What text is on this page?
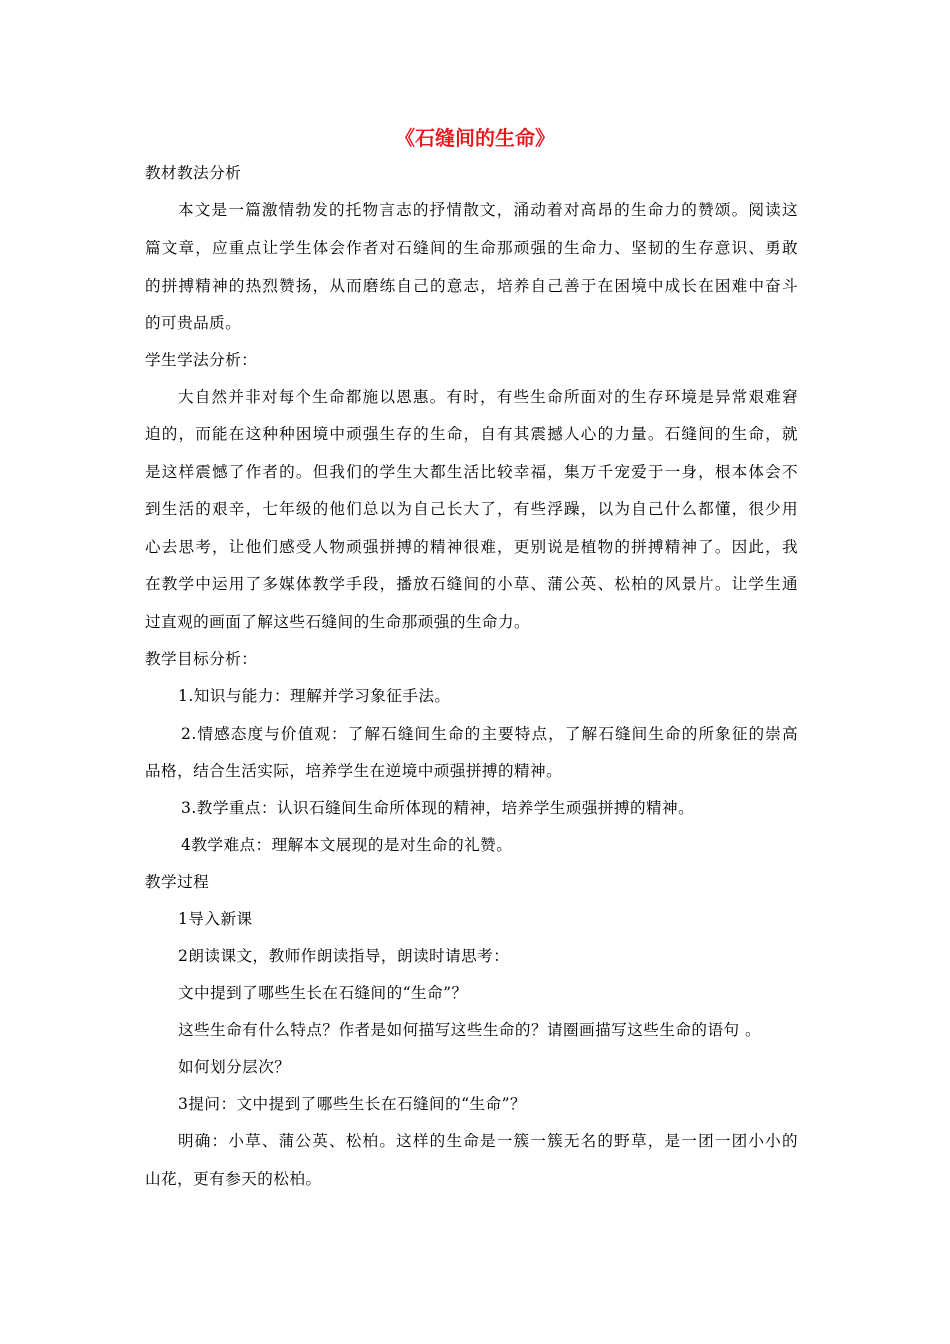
《石缝间的生命》
教材教法分析
本文是一篇激情勃发的托物言志的抒情散文，涌动着对高昂的生命力的赞颂。阅读这
篇文章，应重点让学生体会作者对石缝间的生命那顽强的生命力、坚韧的生存意识、勇敢
的拼搏精神的热烈赞扬，从而磨练自己的意志，培养自己善于在困境中成长在困难中奋斗
的可贵品质。
学生学法分析：
大自然并非对每个生命都施以恩惠。有时，有些生命所面对的生存环境是异常艰难窘
迫的，而能在这种种困境中顽强生存的生命，自有其震撼人心的力量。石缝间的生命，就
是这样震憾了作者的。但我们的学生大都生活比较幸福，集万千宠爱于一身，根本体会不
到生活的艰辛，七年级的他们总以为自己长大了，有些浮躁，以为自己什么都懂，很少用
心去思考，让他们感受人物顽强拼搏的精神很难，更别说是植物的拼搏精神了。因此，我
在教学中运用了多媒体教学手段，播放石缝间的小草、蒲公英、松柏的风景片。让学生通
过直观的画面了解这些石缝间的生命那顽强的生命力。
教学目标分析：
1.知识与能力：理解并学习象征手法。
2.情感态度与价值观：了解石缝间生命的主要特点，了解石缝间生命的所象征的崇高
品格，结合生活实际，培养学生在逆境中顽强拼搏的精神。
3.教学重点：认识石缝间生命所体现的精神，培养学生顽强拼搏的精神。
4教学难点：理解本文展现的是对生命的礼赞。
教学过程
1导入新课
2朗读课文，教师作朗读指导，朗读时请思考：
文中提到了哪些生长在石缝间的“生命”？
这些生命有什么特点？作者是如何描写这些生命的？请圈画描写这些生命的语句 。
如何划分层次？
3提问：文中提到了哪些生长在石缝间的“生命”？
明确：小草、蒲公英、松柏。这样的生命是一簇一簇无名的野草，是一团一团小小的
山花，更有参天的松柏。
